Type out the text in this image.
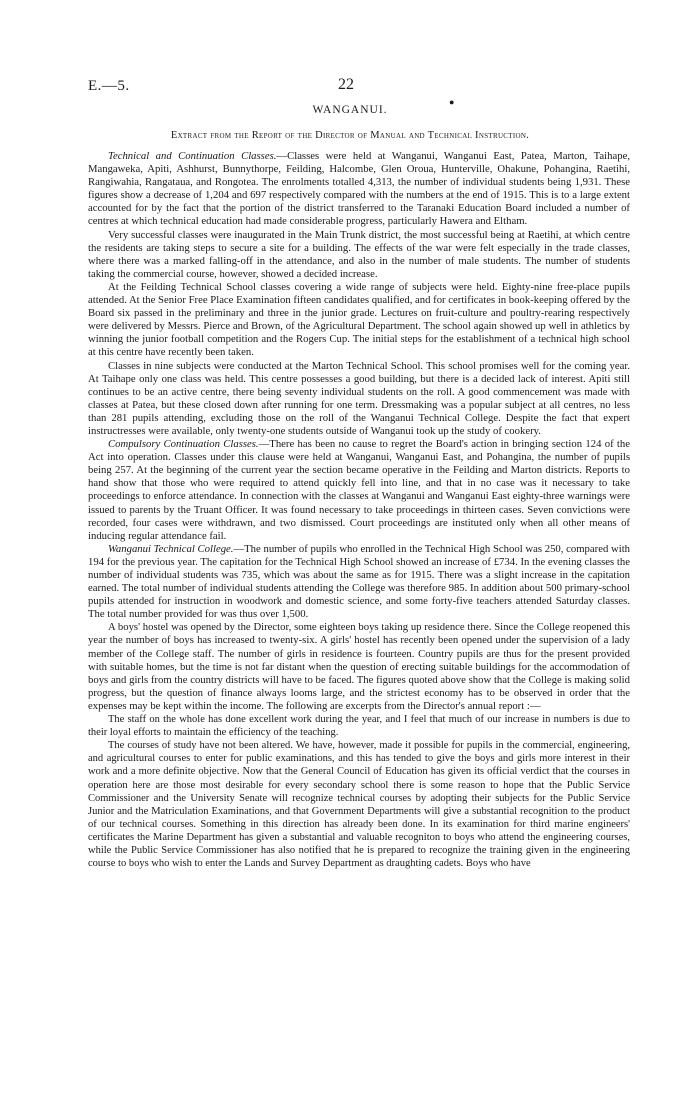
E.—5.	22
●
WANGANUI.
Extract from the Report of the Director of Manual and Technical Instruction.

Technical and Continuation Classes.—Classes were held at Wanganui, Wanganui East, Patea, Marton, Taihape, Mangaweka, Apiti, Ashhurst, Bunnythorpe, Feilding, Halcombe, Glen Oroua, Hunterville, Ohakune, Pohangina, Raetihi, Rangiwahia, Rangataua, and Rongotea. The enrolments totalled 4,313, the number of individual students being 1,931. These figures show a decrease of 1,204 and 697 respectively compared with the numbers at the end of 1915. This is to a large extent accounted for by the fact that the portion of the district transferred to the Taranaki Education Board included a number of centres at which technical education had made considerable progress, particularly Hawera and Eltham.

Very successful classes were inaugurated in the Main Trunk district, the most successful being at Raetihi, at which centre the residents are taking steps to secure a site for a building. The effects of the war were felt especially in the trade classes, where there was a marked falling-off in the attendance, and also in the number of male students. The number of students taking the commercial course, however, showed a decided increase.

At the Feilding Technical School classes covering a wide range of subjects were held. Eighty-nine free-place pupils attended. At the Senior Free Place Examination fifteen candidates qualified, and for certificates in book-keeping offered by the Board six passed in the preliminary and three in the junior grade. Lectures on fruit-culture and poultry-rearing respectively were delivered by Messrs. Pierce and Brown, of the Agricultural Department. The school again showed up well in athletics by winning the junior football competition and the Rogers Cup. The initial steps for the establishment of a technical high school at this centre have recently been taken.

Classes in nine subjects were conducted at the Marton Technical School. This school promises well for the coming year. At Taihape only one class was held. This centre possesses a good building, but there is a decided lack of interest. Apiti still continues to be an active centre, there being seventy individual students on the roll. A good commencement was made with classes at Patea, but these closed down after running for one term. Dressmaking was a popular subject at all centres, no less than 281 pupils attending, excluding those on the roll of the Wanganui Technical College. Despite the fact that expert instructresses were available, only twenty-one students outside of Wanganui took up the study of cookery.

Compulsory Continuation Classes.—There has been no cause to regret the Board's action in bringing section 124 of the Act into operation. Classes under this clause were held at Wanganui, Wanganui East, and Pohangina, the number of pupils being 257. At the beginning of the current year the section became operative in the Feilding and Marton districts. Reports to hand show that those who were required to attend quickly fell into line, and that in no case was it necessary to take proceedings to enforce attendance. In connection with the classes at Wanganui and Wanganui East eighty-three warnings were issued to parents by the Truant Officer. It was found necessary to take proceedings in thirteen cases. Seven convictions were recorded, four cases were withdrawn, and two dismissed. Court proceedings are instituted only when all other means of inducing regular attendance fail.

Wanganui Technical College.—The number of pupils who enrolled in the Technical High School was 250, compared with 194 for the previous year. The capitation for the Technical High School showed an increase of £734. In the evening classes the number of individual students was 735, which was about the same as for 1915. There was a slight increase in the capitation earned. The total number of individual students attending the College was therefore 985. In addition about 500 primary-school pupils attended for instruction in woodwork and domestic science, and some forty-five teachers attended Saturday classes. The total number provided for was thus over 1,500.

A boys' hostel was opened by the Director, some eighteen boys taking up residence there. Since the College reopened this year the number of boys has increased to twenty-six. A girls' hostel has recently been opened under the supervision of a lady member of the College staff. The number of girls in residence is fourteen. Country pupils are thus for the present provided with suitable homes, but the time is not far distant when the question of erecting suitable buildings for the accommodation of boys and girls from the country districts will have to be faced. The figures quoted above show that the College is making solid progress, but the question of finance always looms large, and the strictest economy has to be observed in order that the expenses may be kept within the income. The following are excerpts from the Director's annual report :—

The staff on the whole has done excellent work during the year, and I feel that much of our increase in numbers is due to their loyal efforts to maintain the efficiency of the teaching.

The courses of study have not been altered. We have, however, made it possible for pupils in the commercial, engineering, and agricultural courses to enter for public examinations, and this has tended to give the boys and girls more interest in their work and a more definite objective. Now that the General Council of Education has given its official verdict that the courses in operation here are those most desirable for every secondary school there is some reason to hope that the Public Service Commissioner and the University Senate will recognize technical courses by adopting their subjects for the Public Service Junior and the Matriculation Examinations, and that Government Departments will give a substantial recognition to the product of our technical courses. Something in this direction has already been done. In its examination for third marine engineers' certificates the Marine Department has given a substantial and valuable recogniton to boys who attend the engineering courses, while the Public Service Commissioner has also notified that he is prepared to recognize the training given in the engineering course to boys who wish to enter the Lands and Survey Department as draughting cadets. Boys who have
